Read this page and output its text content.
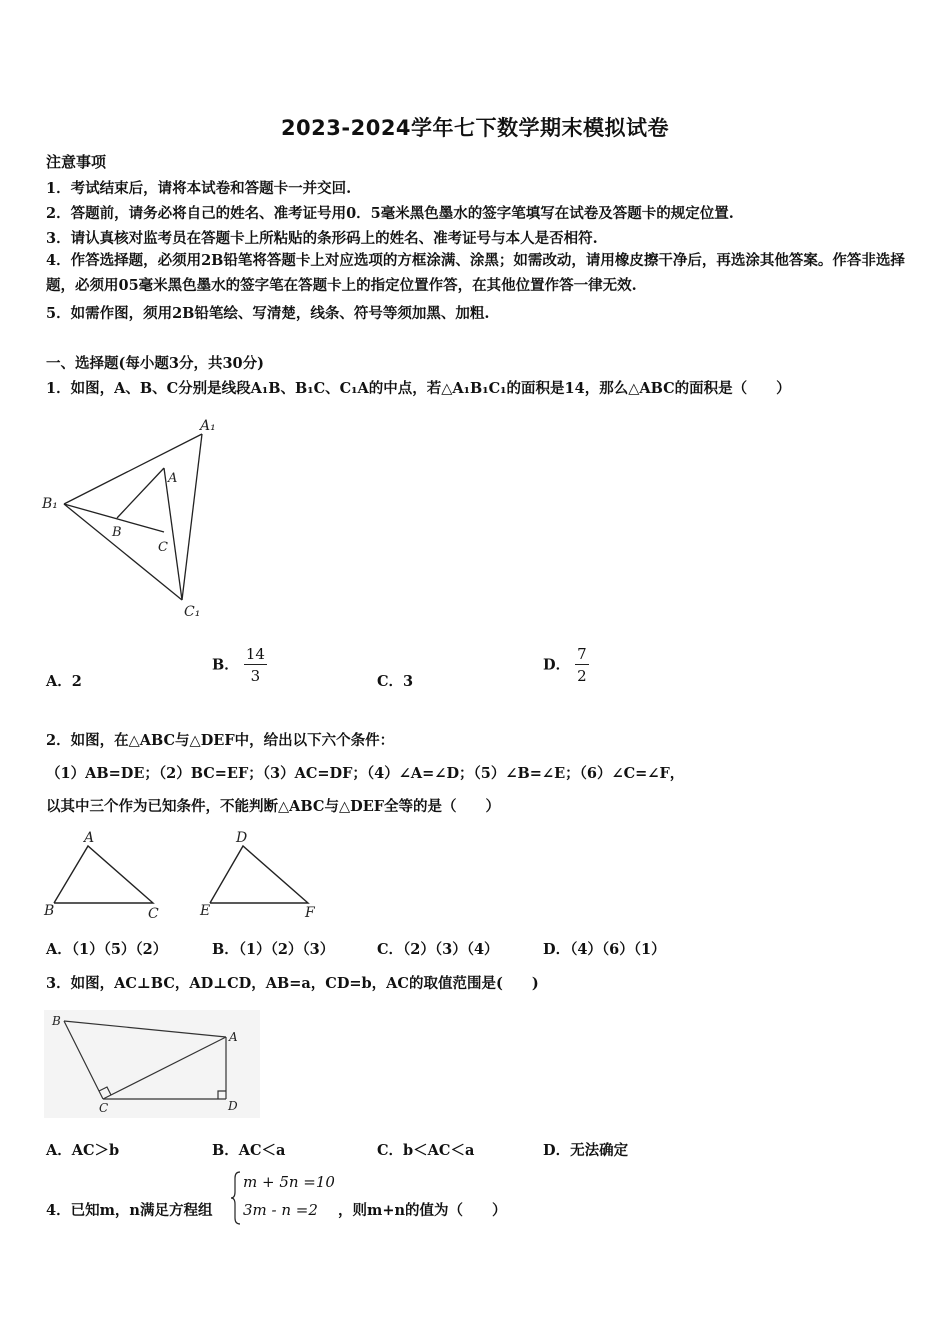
2023-2024学年七下数学期末模拟试卷
注意事项
1．考试结束后，请将本试卷和答题卡一并交回.
2．答题前，请务必将自己的姓名、准考证号用0．5毫米黑色墨水的签字笔填写在试卷及答题卡的规定位置.
3．请认真核对监考员在答题卡上所粘贴的条形码上的姓名、准考证号与本人是否相符.
4．作答选择题，必须用2B铅笔将答题卡上对应选项的方框涂满、涂黑；如需改动，请用橡皮擦干净后，再选涂其他答案。作答非选择题，必须用05毫米黑色墨水的签字笔在答题卡上的指定位置作答，在其他位置作答一律无效.
5．如需作图，须用2B铅笔绘、写清楚，线条、符号等须加黑、加粗.
一、选择题(每小题3分，共30分)
1．如图，A、B、C分别是线段A₁B、B₁C、C₁A的中点，若△A₁B₁C₁的面积是14，那么△ABC的面积是（　　）
A₁
B₁
C₁
A
B
C
A．2
B． $\frac{14}{3}$	C．3
D． $\frac{7}{2}$
2．如图，在△ABC与△DEF中，给出以下六个条件：
（1）AB=DE；（2）BC=EF；（3）AC=DF；（4）∠A=∠D；（5）∠B=∠E；（6）∠C=∠F，
以其中三个作为已知条件，不能判断△ABC与△DEF全等的是（　　）
A
B	C
D
E	F
A．（1）（5）（2）	B．（1）（2）（3）	C．（2）（3）（4）	D．（4）（6）（1）
3．如图，AC⊥BC，AD⊥CD，AB=a，CD=b，AC的取值范围是(　　)
B
A
C	D
A．AC＞b	B．AC＜a	C．b＜AC＜a	D．无法确定
4．已知m，n满足方程组
m + 5n =10
3m - n =2 ，则m+n的值为（　　）
